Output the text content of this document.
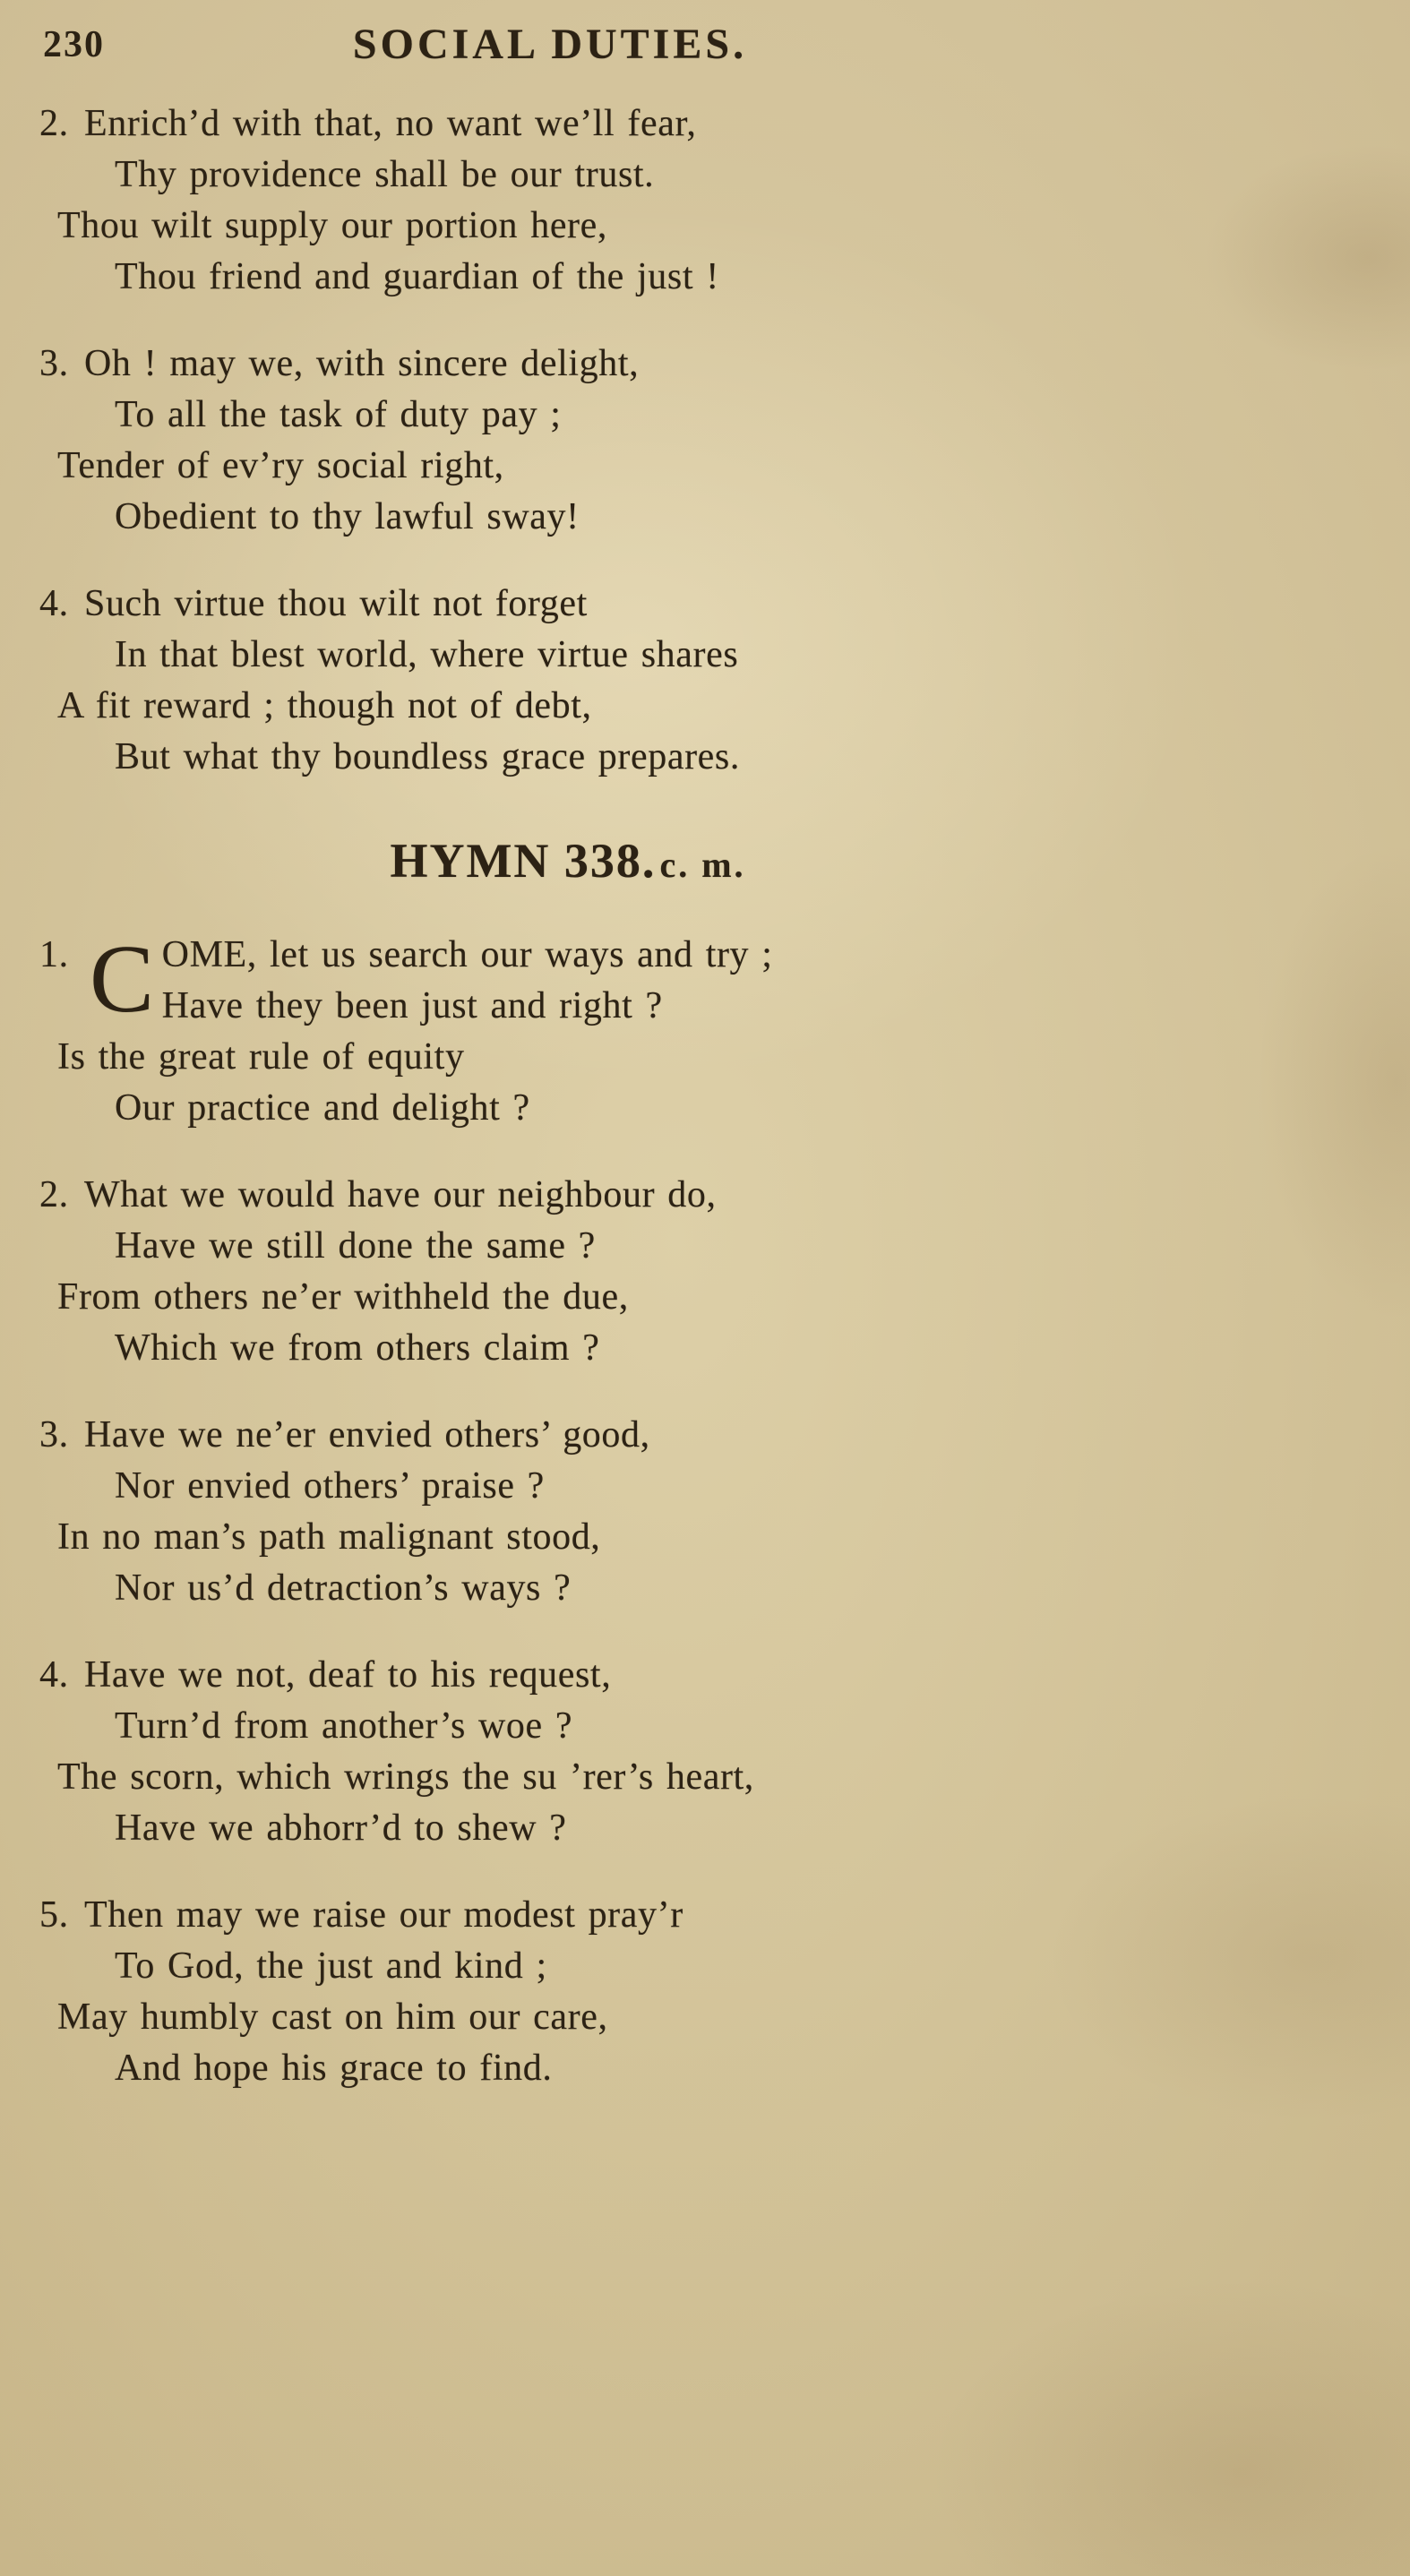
230	SOCIAL DUTIES.
2. Enrich’d with that, no want we’ll fear,
Thy providence shall be our trust.
Thou wilt supply our portion here,
Thou friend and guardian of the just !
3. Oh ! may we, with sincere delight,
To all the task of duty pay ;
Tender of ev’ry social right,
Obedient to thy lawful sway!
4. Such virtue thou wilt not forget
In that blest world, where virtue shares
A fit reward ; though not of debt,
But what thy boundless grace prepares.
HYMN 338. c. m.
1. C OME, let us search our ways and try ;
Have they been just and right ?
Is the great rule of equity
Our practice and delight ?
2. What we would have our neighbour do,
Have we still done the same ?
From others ne’er withheld the due,
Which we from others claim ?
3. Have we ne’er envied others’ good,
Nor envied others’ praise ?
In no man’s path malignant stood,
Nor us’d detraction’s ways ?
4. Have we not, deaf to his request,
Turn’d from another’s woe ?
The scorn, which wrings the su ’rer’s heart,
Have we abhorr’d to shew ?
5. Then may we raise our modest pray’r
To God, the just and kind ;
May humbly cast on him our care,
And hope his grace to find.
